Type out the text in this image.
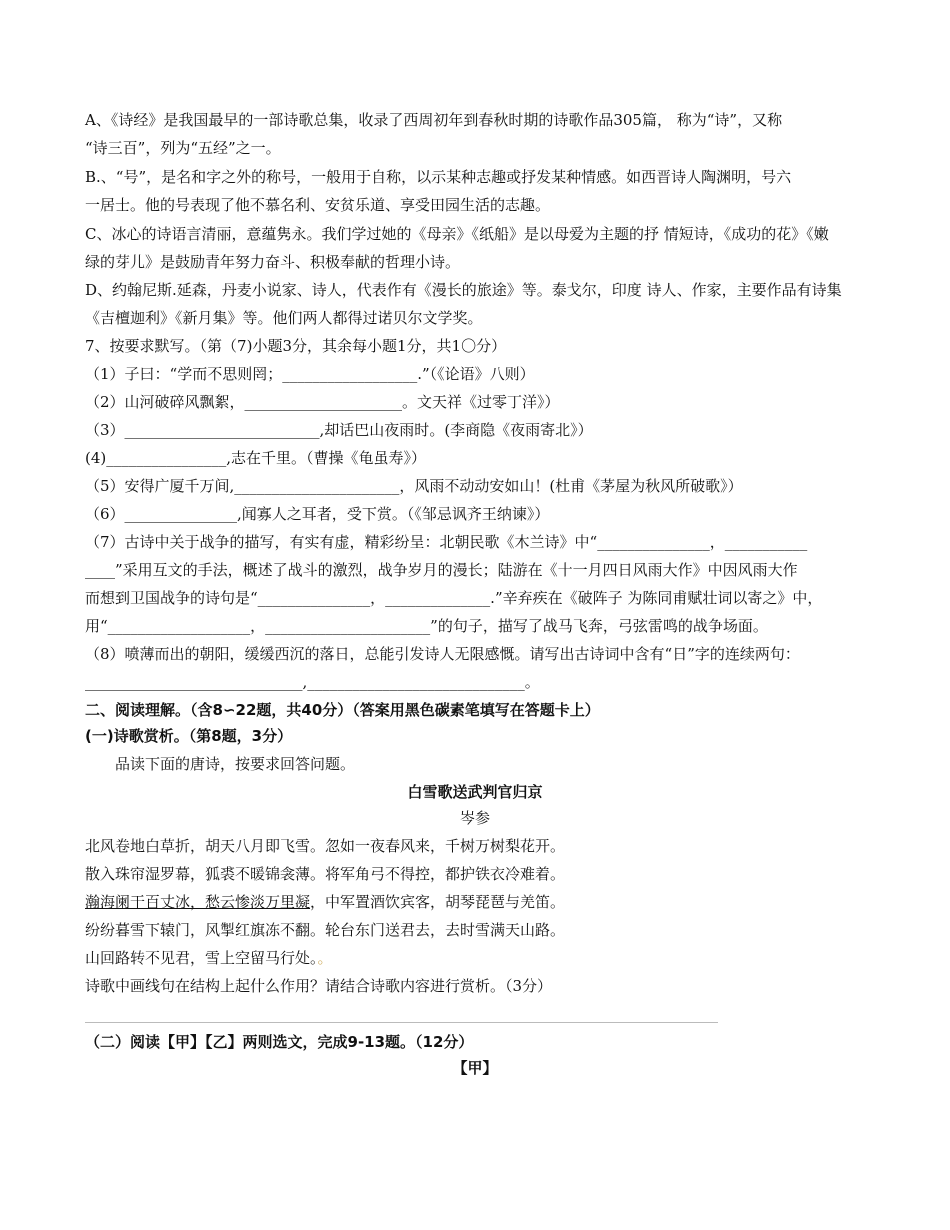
A、《诗经》是我国最早的一部诗歌总集，收录了西周初年到春秋时期的诗歌作品305篇， 称为“诗”，又称
“诗三百”，列为“五经”之一。
B.、“号”，是名和字之外的称号，一般用于自称，以示某种志趣或抒发某种情感。如西晋诗人陶渊明，号六
一居士。他的号表现了他不慕名利、安贫乐道、享受田园生活的志趣。
C、冰心的诗语言清丽，意蕴隽永。我们学过她的《母亲》《纸船》是以母爱为主题的抒 情短诗，《成功的花》《嫩
绿的芽儿》是鼓励青年努力奋斗、积极奉献的哲理小诗。
D、约翰尼斯.延森，丹麦小说家、诗人，代表作有《漫长的旅途》等。泰戈尔，印度 诗人、作家，主要作品有诗集
《吉檀迦利》《新月集》等。他们两人都得过诺贝尔文学奖。
7、按要求默写。（第（7)小题3分，其余每小题1分，共1〇分）
（1）子曰：“学而不思则罔；__________________.”（《论语》八则）
（2）山河破碎风飘絮，_____________________。文天祥《过零丁洋》）
（3）__________________________,却话巴山夜雨时。(李商隐《夜雨寄北》）
(4)________________,志在千里。（曹操《龟虽寿》）
（5）安得广厦千万间,______________________，风雨不动动安如山！(杜甫《茅屋为秋风所破歌》）
（6）_______________,闻寡人之耳者，受下赏。（《邹忌讽齐王纳谏》）
（7）古诗中关于战争的描写，有实有虚，精彩纷呈：北朝民歌《木兰诗》中“_______________，___________
____”采用互文的手法，概述了战斗的激烈，战争岁月的漫长；陆游在《十一月四日风雨大作》中因风雨大作
而想到卫国战争的诗句是“_______________，______________.”辛弃疾在《破阵子 为陈同甫赋壮词以寄之》中，
用“___________________，______________________”的句子，描写了战马飞奔，弓弦雷鸣的战争场面。
（8）喷薄而出的朝阳，缓缓西沉的落日，总能引发诗人无限感慨。请写出古诗词中含有“日”字的连续两句：
_____________________________,_____________________________。
二、阅读理解。（含8∽22题，共40分）（答案用黑色碳素笔填写在答题卡上）
(一)诗歌赏析。（第8题，3分）
品读下面的唐诗，按要求回答问题。
白雪歌送武判官归京
岑参
北风卷地白草折，胡天八月即飞雪。忽如一夜春风来，千树万树梨花开。
散入珠帘湿罗幕，狐裘不暖锦衾薄。将军角弓不得控，都护铁衣冷难着。
瀚海阑干百丈冰，愁云惨淡万里凝，中军置酒饮宾客，胡琴琵琶与羌笛。
纷纷暮雪下辕门，风掣红旗冻不翻。轮台东门送君去，去时雪满天山路。
山回路转不见君，雪上空留马行处。。
诗歌中画线句在结构上起什么作用？请结合诗歌内容进行赏析。（3分）
（二）阅读【甲】【乙】两则选文，完成9-13题。（12分）
【甲】
